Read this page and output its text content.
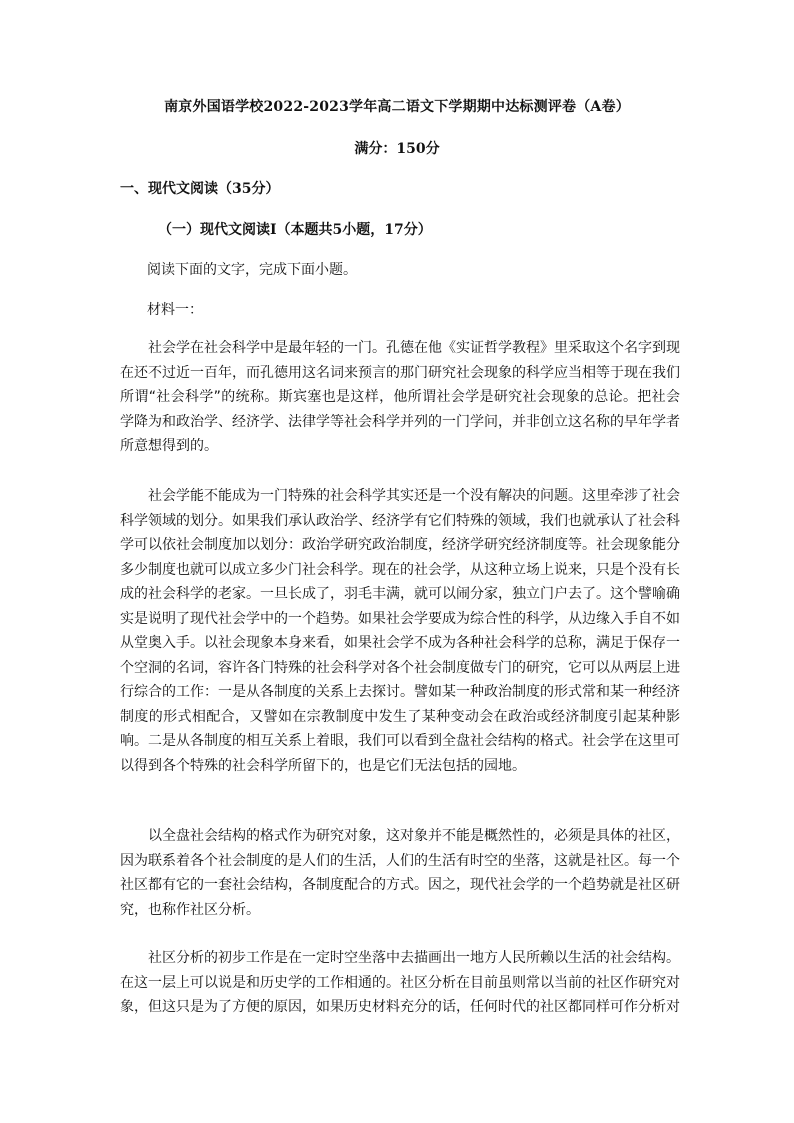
南京外国语学校2022-2023学年高二语文下学期期中达标测评卷（A卷）
满分：150分
一、现代文阅读（35分）
（一）现代文阅读Ⅰ（本题共5小题，17分）
阅读下面的文字，完成下面小题。
材料一：

社会学在社会科学中是最年轻的一门。孔德在他《实证哲学教程》里采取这个名字到现在还不过近一百年，而孔德用这名词来预言的那门研究社会现象的科学应当相等于现在我们所谓“社会科学”的统称。斯宾塞也是这样，他所谓社会学是研究社会现象的总论。把社会学降为和政治学、经济学、法律学等社会科学并列的一门学问，并非创立这名称的早年学者所意想得到的。

社会学能不能成为一门特殊的社会科学其实还是一个没有解决的问题。这里牵涉了社会科学领域的划分。如果我们承认政治学、经济学有它们特殊的领域，我们也就承认了社会科学可以依社会制度加以划分：政治学研究政治制度，经济学研究经济制度等。社会现象能分多少制度也就可以成立多少门社会科学。现在的社会学，从这种立场上说来，只是个没有长成的社会科学的老家。一旦长成了，羽毛丰满，就可以闹分家，独立门户去了。这个譬喻确实是说明了现代社会学中的一个趋势。如果社会学要成为综合性的科学，从边缘入手自不如从堂奥入手。以社会现象本身来看，如果社会学不成为各种社会科学的总称，满足于保存一个空洞的名词，容许各门特殊的社会科学对各个社会制度做专门的研究，它可以从两层上进行综合的工作：一是从各制度的关系上去探讨。譬如某一种政治制度的形式常和某一种经济制度的形式相配合，又譬如在宗教制度中发生了某种变动会在政治或经济制度引起某种影响。二是从各制度的相互关系上着眼，我们可以看到全盘社会结构的格式。社会学在这里可以得到各个特殊的社会科学所留下的，也是它们无法包括的园地。

以全盘社会结构的格式作为研究对象，这对象并不能是概然性的，必须是具体的社区，因为联系着各个社会制度的是人们的生活，人们的生活有时空的坐落，这就是社区。每一个社区都有它的一套社会结构，各制度配合的方式。因之，现代社会学的一个趋势就是社区研究，也称作社区分析。

社区分析的初步工作是在一定时空坐落中去描画出一地方人民所赖以生活的社会结构。在这一层上可以说是和历史学的工作相通的。社区分析在目前虽则常以当前的社区作研究对象，但这只是为了方便的原因，如果历史材料充分的话，任何时代的社区都同样可作分析对
